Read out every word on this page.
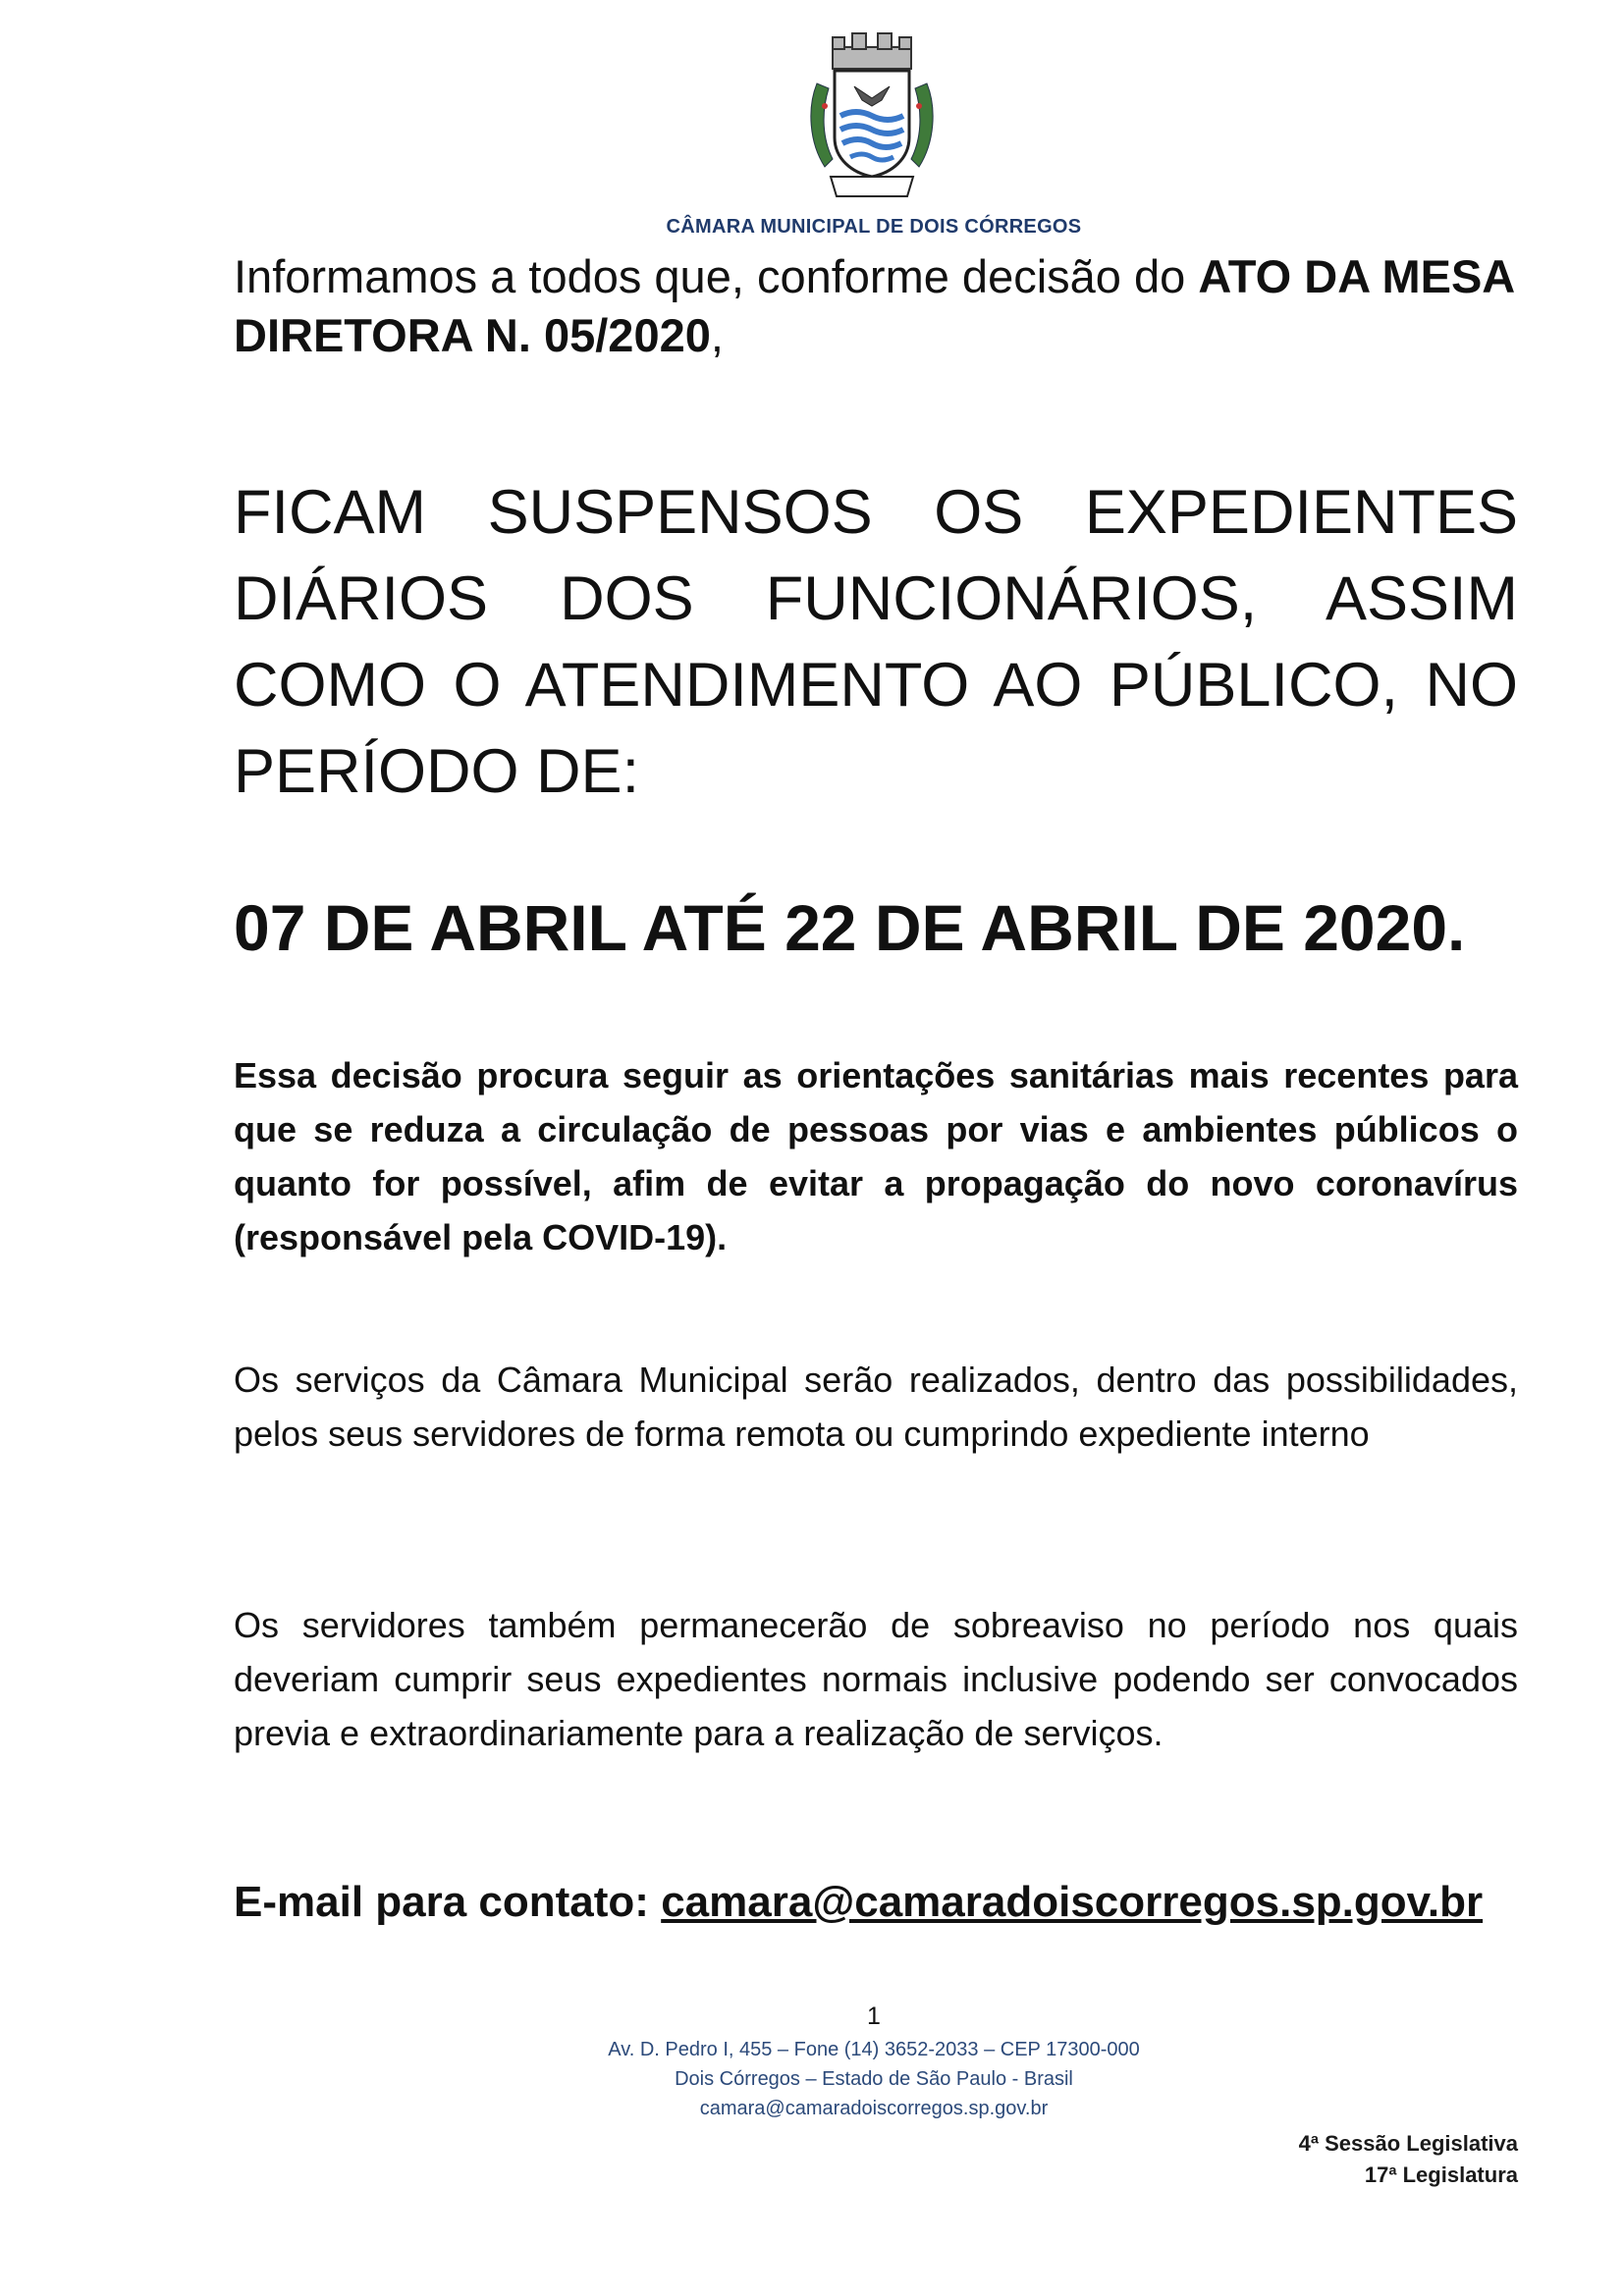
CÂMARA MUNICIPAL DE DOIS CÓRREGOS
Informamos a todos que, conforme decisão do ATO DA MESA DIRETORA N. 05/2020,
FICAM SUSPENSOS OS EXPEDIENTES DIÁRIOS DOS FUNCIONÁRIOS, ASSIM COMO O ATENDIMENTO AO PÚBLICO, NO PERÍODO DE:
07 DE ABRIL ATÉ 22 DE ABRIL DE 2020.
Essa decisão procura seguir as orientações sanitárias mais recentes para que se reduza a circulação de pessoas por vias e ambientes públicos o quanto for possível, afim de evitar a propagação do novo coronavírus (responsável pela COVID-19).
Os serviços da Câmara Municipal serão realizados, dentro das possibilidades, pelos seus servidores de forma remota ou cumprindo expediente interno
Os servidores também permanecerão de sobreaviso no período nos quais deveriam cumprir seus expedientes normais inclusive podendo ser convocados previa e extraordinariamente para a realização de serviços.
E-mail para contato: camara@camaradoiscorregos.sp.gov.br
1
Av. D. Pedro I, 455 – Fone (14) 3652-2033 – CEP 17300-000
Dois Córregos – Estado de São Paulo - Brasil
camara@camaradoiscorregos.sp.gov.br
4ª Sessão Legislativa
17ª Legislatura
